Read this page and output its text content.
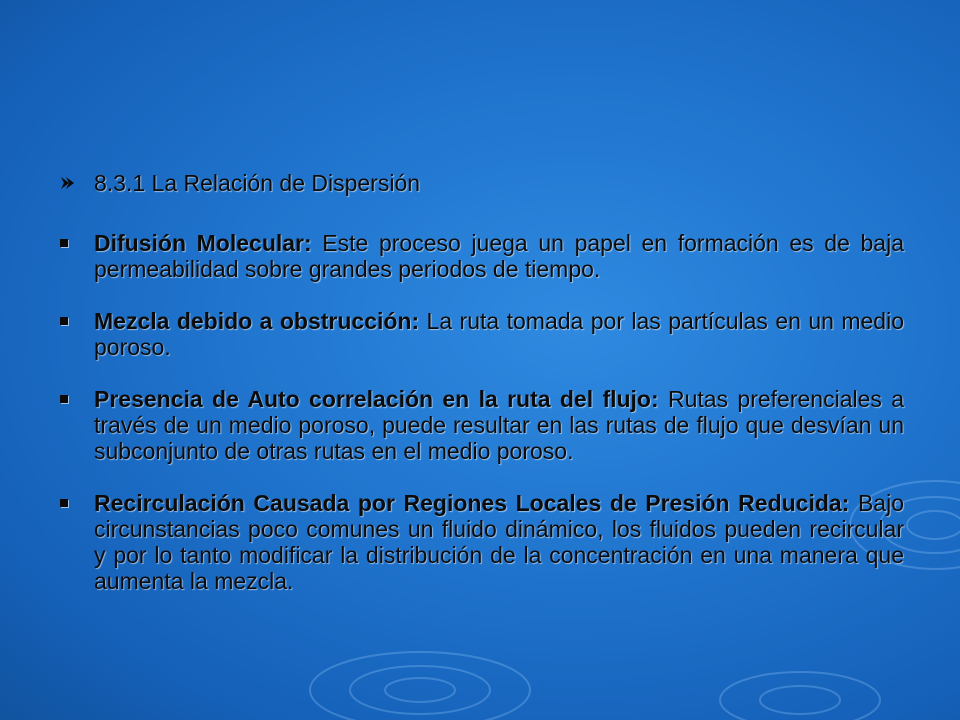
8.3.1 La Relación de Dispersión
Difusión Molecular: Este proceso juega un papel en formación es de baja permeabilidad sobre grandes periodos de tiempo.
Mezcla debido a obstrucción: La ruta tomada por las partículas en un medio poroso.
Presencia de Auto correlación en la ruta del flujo: Rutas preferenciales a través de un medio poroso, puede resultar en las rutas de flujo que desvían un subconjunto de otras rutas en el medio poroso.
Recirculación Causada por Regiones Locales de Presión Reducida: Bajo circunstancias poco comunes un fluido dinámico, los fluidos pueden recircular y por lo tanto modificar la distribución de la concentración en una manera que aumenta la mezcla.
